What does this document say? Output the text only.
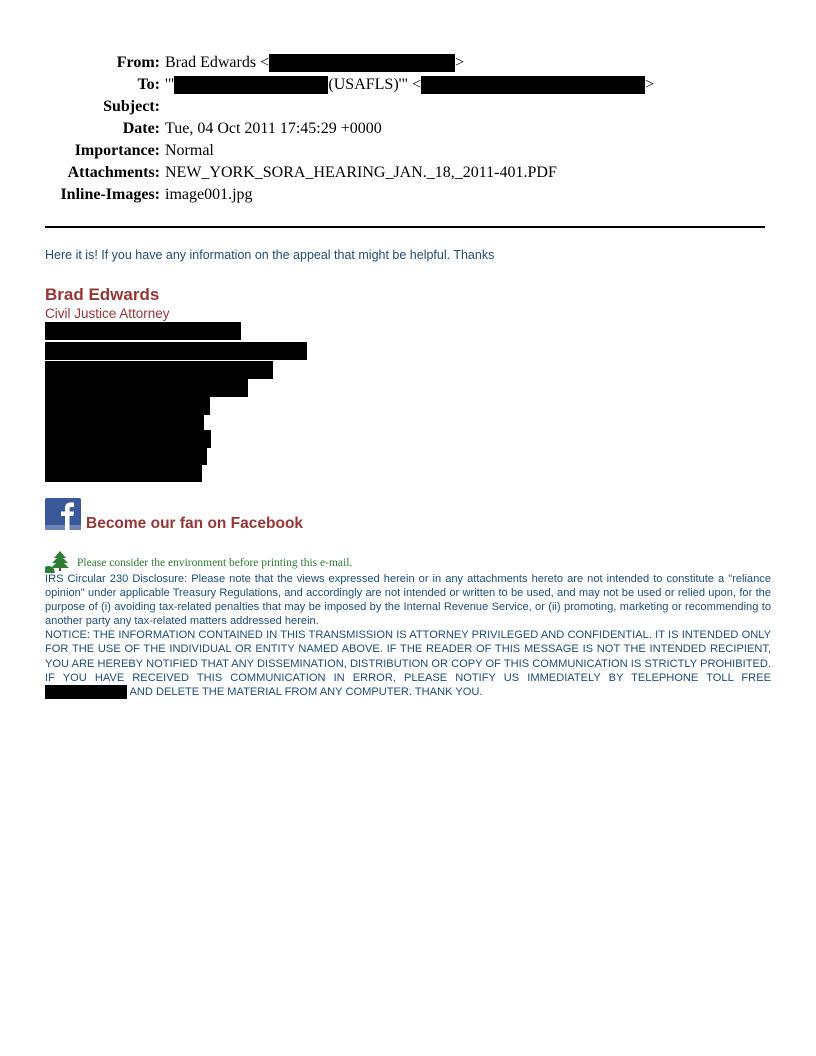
From: Brad Edwards <	>
To: '"	(USAFLS)'" <	>
Subject:
Date: Tue, 04 Oct 2011 17:45:29 +0000
Importance: Normal
Attachments: NEW_YORK_SORA_HEARING_JAN._18,_2011-401.PDF
Inline-Images: image001.jpg
Here it is! If you have any information on the appeal that might be helpful. Thanks
Brad Edwards
Civil Justice Attorney
Become our fan on Facebook
Please consider the environment before printing this e-mail.

IRS Circular 230 Disclosure: Please note that the views expressed herein or in any attachments hereto are not intended to constitute a "reliance opinion" under applicable Treasury Regulations, and accordingly are not intended or written to be used, and may not be used or relied upon, for the purpose of (i) avoiding tax-related penalties that may be imposed by the Internal Revenue Service, or (ii) promoting, marketing or recommending to another party any tax-related matters addressed herein.

NOTICE: THE INFORMATION CONTAINED IN THIS TRANSMISSION IS ATTORNEY PRIVILEGED AND CONFIDENTIAL. IT IS INTENDED ONLY FOR THE USE OF THE INDIVIDUAL OR ENTITY NAMED ABOVE. IF THE READER OF THIS MESSAGE IS NOT THE INTENDED RECIPIENT, YOU ARE HEREBY NOTIFIED THAT ANY DISSEMINATION, DISTRIBUTION OR COPY OF THIS COMMUNICATION IS STRICTLY PROHIBITED. IF YOU HAVE RECEIVED THIS COMMUNICATION IN ERROR, PLEASE NOTIFY US IMMEDIATELY BY TELEPHONE TOLL FREE  AND DELETE THE MATERIAL FROM ANY COMPUTER. THANK YOU.
